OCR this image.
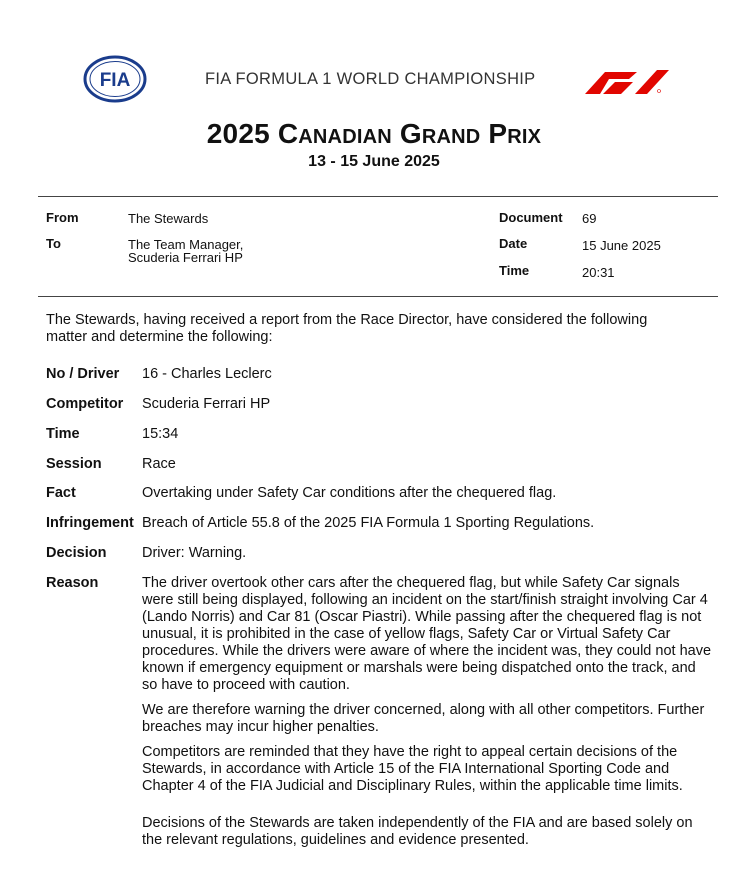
FIA	FIA FORMULA 1 WORLD CHAMPIONSHIP
F1
2025 Canadian Grand Prix
13 - 15 June 2025
From	The Stewards
To	The Team Manager,
Scuderia Ferrari HP
Document 69
Date	15 June 2025
Time	20:31
The Stewards, having received a report from the Race Director, have considered the following matter and determine the following:
No / Driver 16 - Charles Leclerc
Competitor Scuderia Ferrari HP
Time	15:34
Session	Race
Fact	Overtaking under Safety Car conditions after the chequered flag.
Infringement Breach of Article 55.8 of the 2025 FIA Formula 1 Sporting Regulations.
Decision Driver: Warning.
Reason	The driver overtook other cars after the chequered flag, but while Safety Car signals were still being displayed, following an incident on the start/finish straight involving Car 4 (Lando Norris) and Car 81 (Oscar Piastri). While passing after the chequered flag is not unusual, it is prohibited in the case of yellow flags, Safety Car or Virtual Safety Car procedures. While the drivers were aware of where the incident was, they could not have known if emergency equipment or marshals were being dispatched onto the track, and so have to proceed with caution.

We are therefore warning the driver concerned, along with all other competitors. Further breaches may incur higher penalties.

Competitors are reminded that they have the right to appeal certain decisions of the Stewards, in accordance with Article 15 of the FIA International Sporting Code and Chapter 4 of the FIA Judicial and Disciplinary Rules, within the applicable time limits.

Decisions of the Stewards are taken independently of the FIA and are based solely on the relevant regulations, guidelines and evidence presented.
